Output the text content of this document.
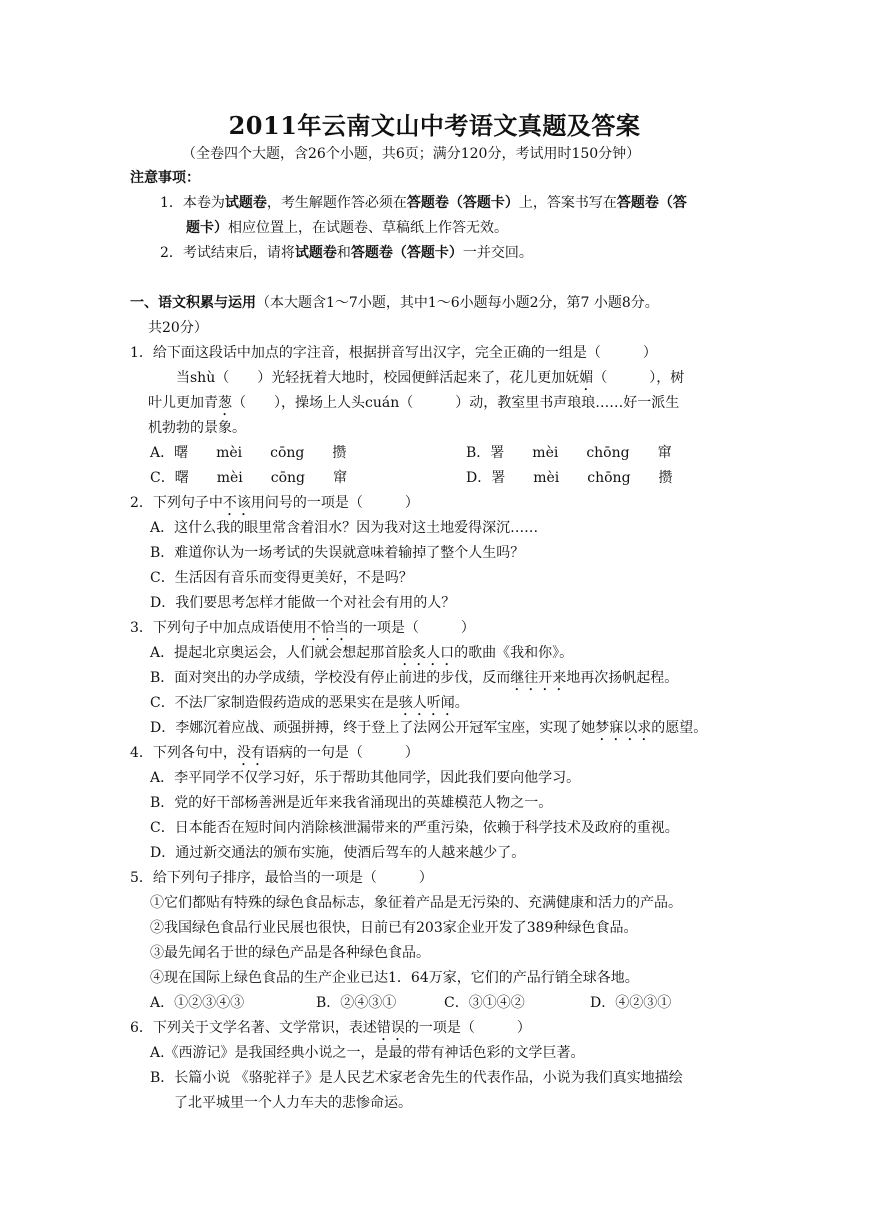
2011年云南文山中考语文真题及答案
（全卷四个大题，含26个小题，共6页；满分120分，考试用时150分钟）
注意事项：
1．本卷为试题卷，考生解题作答必须在答题卷（答题卡）上，答案书写在答题卷（答
题卡）相应位置上，在试题卷、草稿纸上作答无效。
2．考试结束后，请将试题卷和答题卷（答题卡）一并交回。
一、语文积累与运用（本大题含1～7小题，其中1～6小题每小题2分，第7 小题8分。
共20分）
1．给下面这段话中加点的字注音，根据拼音写出汉字，完全正确的一组是（　　　）
当shù（　　）光轻抚着大地时，校园便鲜活起来了，花儿更加妩媚（　　　），树
叶儿更加青葱（　　），操场上人头cuán（　　　）动，教室里书声琅琅……好一派生
机勃勃的景象。
A．曙　　mèi　　cōng　　攒	B．署　　mèi　　chōng　　窜
C．曙　　mèi　　cōng　　窜	D．署　　mèi　　chōng　　攒
2．下列句子中不该用问号的一项是（　　　）
A．这什么我的眼里常含着泪水？因为我对这土地爱得深沉……
B．难道你认为一场考试的失误就意味着输掉了整个人生吗？
C．生活因有音乐而变得更美好，不是吗？
D．我们要思考怎样才能做一个对社会有用的人？
3．下列句子中加点成语使用不恰当的一项是（　　　）
A．提起北京奥运会，人们就会想起那首脍炙人口的歌曲《我和你》。
B．面对突出的办学成绩，学校没有停止前进的步伐，反而继往开来地再次扬帆起程。
C．不法厂家制造假药造成的恶果实在是骇人听闻。
D．李娜沉着应战、顽强拼搏，终于登上了法网公开冠军宝座，实现了她梦寐以求的愿望。
4．下列各句中，没有语病的一句是（　　　）
A．李平同学不仅学习好，乐于帮助其他同学，因此我们要向他学习。
B．党的好干部杨善洲是近年来我省涌现出的英雄模范人物之一。
C．日本能否在短时间内消除核泄漏带来的严重污染，依赖于科学技术及政府的重视。
D．通过新交通法的颁布实施，使酒后驾车的人越来越少了。
5．给下列句子排序，最恰当的一项是（　　　）
①它们都贴有特殊的绿色食品标志，象征着产品是无污染的、充满健康和活力的产品。
②我国绿色食品行业民展也很快，日前已有203家企业开发了389种绿色食品。
③最先闻名于世的绿色产品是各种绿色食品。
④现在国际上绿色食品的生产企业已达1．64万家，它们的产品行销全球各地。
A．①②③④③	B．②④③①	C．③①④②	D．④②③①
6．下列关于文学名著、文学常识，表述错误的一项是（　　　）
A.《西游记》是我国经典小说之一，是最的带有神话色彩的文学巨著。
B．长篇小说 《骆驼祥子》是人民艺术家老舍先生的代表作品，小说为我们真实地描绘
了北平城里一个人力车夫的悲惨命运。
